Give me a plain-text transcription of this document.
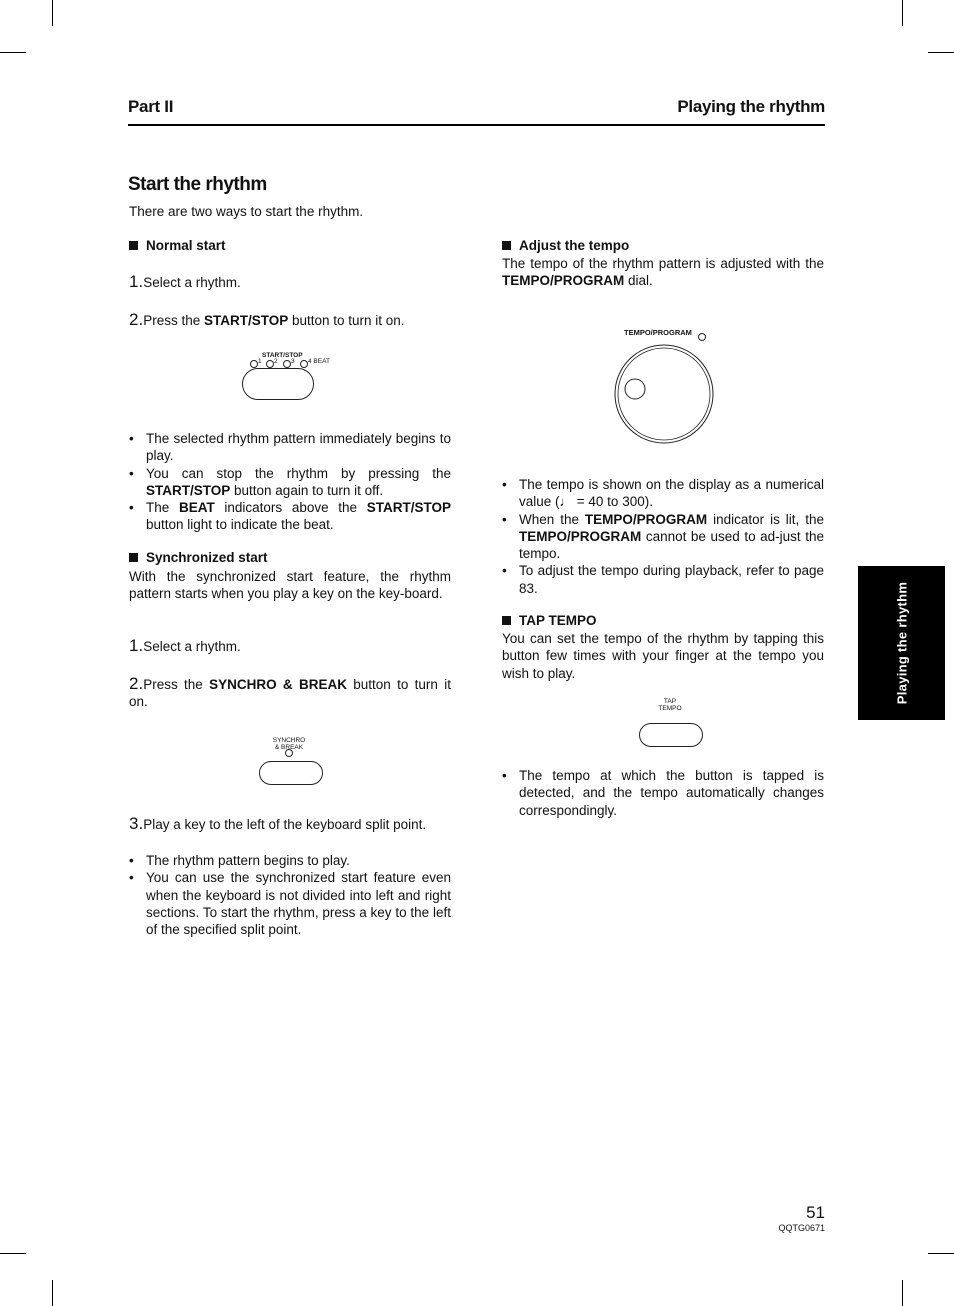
Part II	Playing the rhythm
Start the rhythm
There are two ways to start the rhythm.
Normal start
1.Select a rhythm.
2.Press the START/STOP button to turn it on.
START/STOP
1 2 3 4 BEAT
• The selected rhythm pattern immediately begins to play.
• You can stop the rhythm by pressing the START/STOP button again to turn it off.
• The BEAT indicators above the START/STOP button light to indicate the beat.
Synchronized start
With the synchronized start feature, the rhythm pattern starts when you play a key on the key-board.
1.Select a rhythm.
2.Press the SYNCHRO & BREAK button to turn it on.
SYNCHRO
& BREAK
3.Play a key to the left of the keyboard split point.
• The rhythm pattern begins to play.
• You can use the synchronized start feature even when the keyboard is not divided into left and right sections. To start the rhythm, press a key to the left of the specified split point.
Adjust the tempo
The tempo of the rhythm pattern is adjusted with the TEMPO/PROGRAM dial.
TEMPO/PROGRAM
• The tempo is shown on the display as a numerical value (♩ = 40 to 300).
• When the TEMPO/PROGRAM indicator is lit, the TEMPO/PROGRAM cannot be used to ad-just the tempo.
• To adjust the tempo during playback, refer to page 83.
TAP TEMPO
You can set the tempo of the rhythm by tapping this button few times with your finger at the tempo you wish to play.
TAP
TEMPO
• The tempo at which the button is tapped is detected, and the tempo automatically changes correspondingly.
Playing the rhythm
51
QQTG0671
